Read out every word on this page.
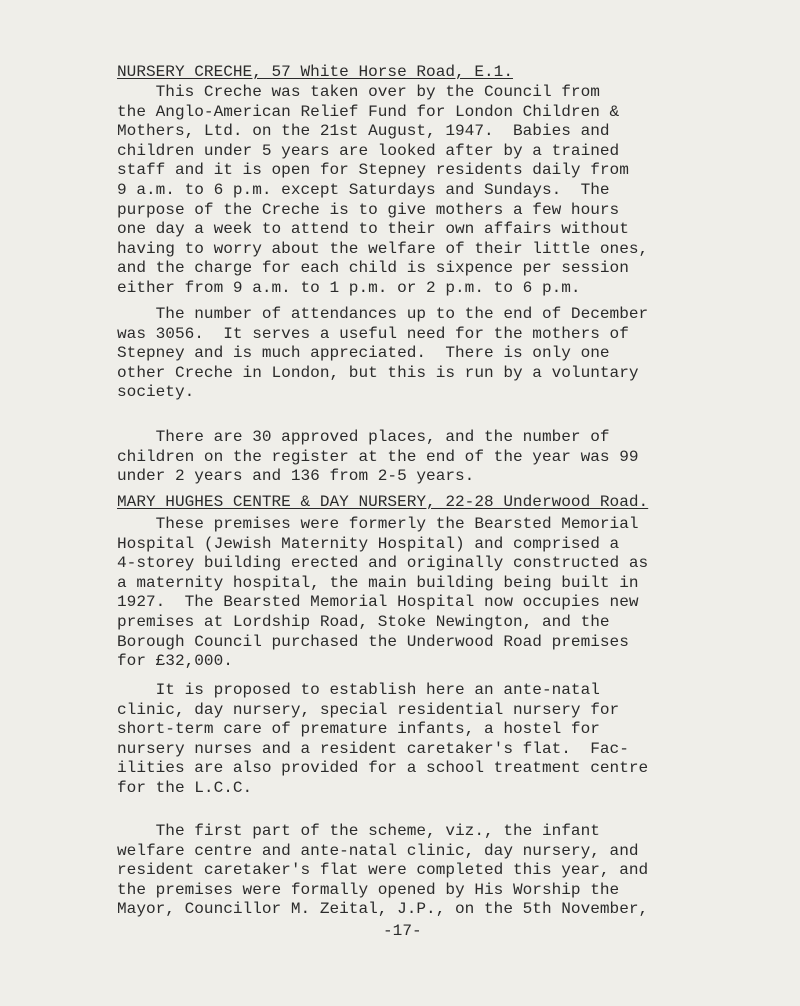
NURSERY CRECHE, 57 White Horse Road, E.1.
This Creche was taken over by the Council from
the Anglo-American Relief Fund for London Children &
Mothers, Ltd. on the 21st August, 1947.  Babies and
children under 5 years are looked after by a trained
staff and it is open for Stepney residents daily from
9 a.m. to 6 p.m. except Saturdays and Sundays.  The
purpose of the Creche is to give mothers a few hours
one day a week to attend to their own affairs without
having to worry about the welfare of their little ones,
and the charge for each child is sixpence per session
either from 9 a.m. to 1 p.m. or 2 p.m. to 6 p.m.
The number of attendances up to the end of December
was 3056.  It serves a useful need for the mothers of
Stepney and is much appreciated.  There is only one
other Creche in London, but this is run by a voluntary
society.
There are 30 approved places, and the number of
children on the register at the end of the year was 99
under 2 years and 136 from 2-5 years.
MARY HUGHES CENTRE & DAY NURSERY, 22-28 Underwood Road.
These premises were formerly the Bearsted Memorial
Hospital (Jewish Maternity Hospital) and comprised a
4-storey building erected and originally constructed as
a maternity hospital, the main building being built in
1927.  The Bearsted Memorial Hospital now occupies new
premises at Lordship Road, Stoke Newington, and the
Borough Council purchased the Underwood Road premises
for £32,000.
It is proposed to establish here an ante-natal
clinic, day nursery, special residential nursery for
short-term care of premature infants, a hostel for
nursery nurses and a resident caretaker's flat.  Fac-
ilities are also provided for a school treatment centre
for the L.C.C.
The first part of the scheme, viz., the infant
welfare centre and ante-natal clinic, day nursery, and
resident caretaker's flat were completed this year, and
the premises were formally opened by His Worship the
Mayor, Councillor M. Zeital, J.P., on the 5th November,
-17-
